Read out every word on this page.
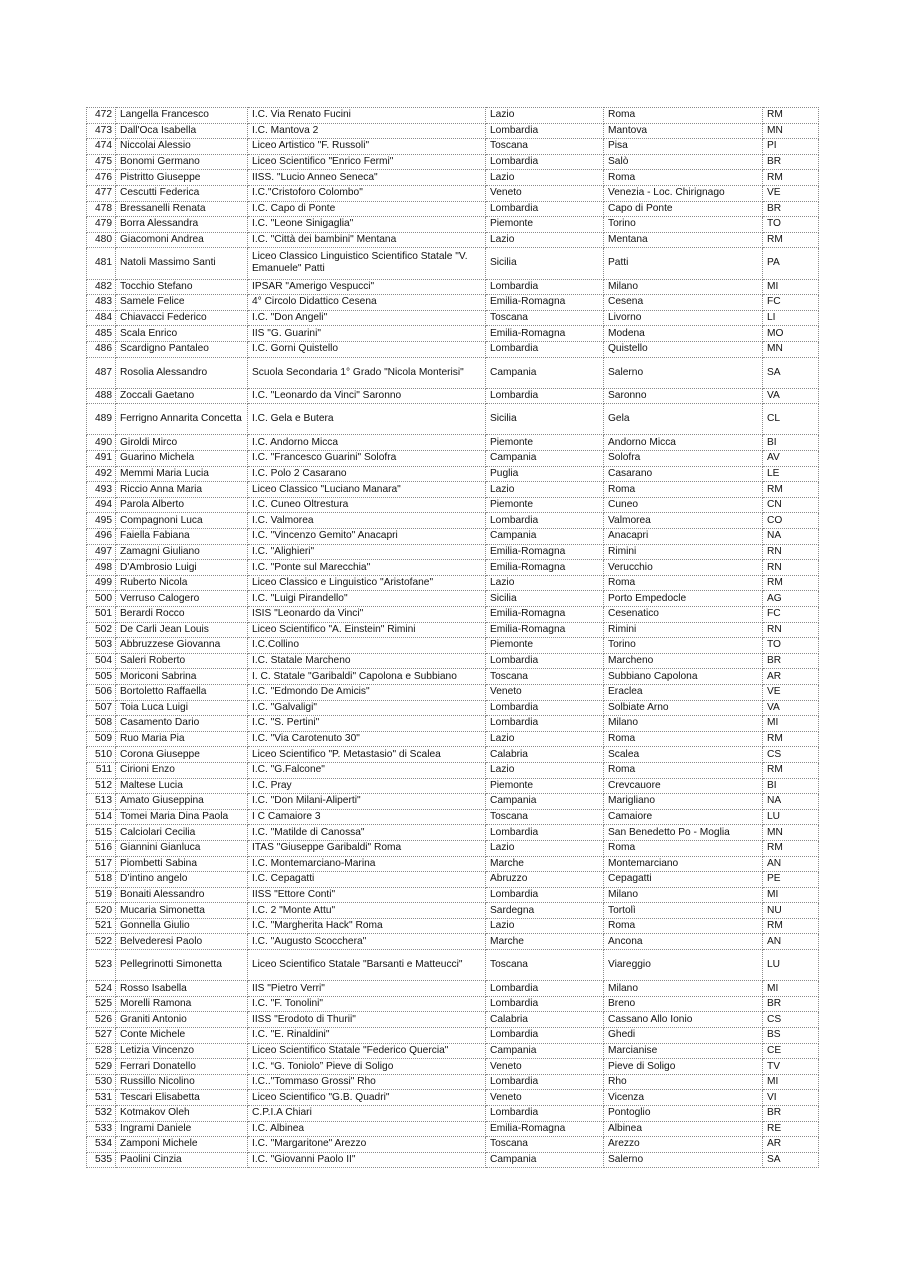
472	Langella Francesco	I.C. Via Renato Fucini	Lazio	Roma	RM
473	Dall'Oca Isabella	I.C. Mantova 2	Lombardia	Mantova	MN
474	Niccolai Alessio	Liceo Artistico "F. Russoli"	Toscana	Pisa	PI
475	Bonomi Germano	Liceo Scientifico "Enrico Fermi"	Lombardia	Salò	BR
476	Pistritto Giuseppe	IISS. "Lucio Anneo Seneca"	Lazio	Roma	RM
477	Cescutti Federica	I.C."Cristoforo Colombo"	Veneto	Venezia - Loc. Chirignago	VE
478	Bressanelli Renata	I.C. Capo di Ponte	Lombardia	Capo di Ponte	BR
479	Borra Alessandra	I.C. "Leone Sinigaglia"	Piemonte	Torino	TO
480	Giacomoni Andrea	I.C. "Città dei bambini" Mentana	Lazio	Mentana	RM
481	Natoli Massimo Santi	Liceo Classico Linguistico Scientifico Statale "V. Emanuele" Patti	Sicilia	Patti	PA
482	Tocchio Stefano	IPSAR "Amerigo Vespucci"	Lombardia	Milano	MI
483	Samele Felice	4° Circolo Didattico Cesena	Emilia-Romagna	Cesena	FC
484	Chiavacci Federico	I.C. "Don Angeli"	Toscana	Livorno	LI
485	Scala Enrico	IIS "G. Guarini"	Emilia-Romagna	Modena	MO
486	Scardigno Pantaleo	I.C. Gorni Quistello	Lombardia	Quistello	MN
487	Rosolia Alessandro	Scuola Secondaria 1° Grado "Nicola Monterisi"	Campania	Salerno	SA
488	Zoccali Gaetano	I.C. "Leonardo da Vinci" Saronno	Lombardia	Saronno	VA
489	Ferrigno Annarita Concetta	I.C. Gela e Butera	Sicilia	Gela	CL
490	Giroldi Mirco	I.C. Andorno Micca	Piemonte	Andorno Micca	BI
491	Guarino Michela	I.C. "Francesco Guarini" Solofra	Campania	Solofra	AV
492	Memmi Maria Lucia	I.C. Polo 2 Casarano	Puglia	Casarano	LE
493	Riccio Anna Maria	Liceo Classico "Luciano Manara"	Lazio	Roma	RM
494	Parola Alberto	I.C. Cuneo Oltrestura	Piemonte	Cuneo	CN
495	Compagnoni Luca	I.C. Valmorea	Lombardia	Valmorea	CO
496	Faiella Fabiana	I.C. "Vincenzo Gemito" Anacapri	Campania	Anacapri	NA
497	Zamagni Giuliano	I.C. "Alighieri"	Emilia-Romagna	Rimini	RN
498	D'Ambrosio Luigi	I.C. "Ponte sul Marecchia"	Emilia-Romagna	Verucchio	RN
499	Ruberto Nicola	Liceo Classico e Linguistico "Aristofane"	Lazio	Roma	RM
500	Verruso Calogero	I.C. "Luigi Pirandello"	Sicilia	Porto Empedocle	AG
501	Berardi Rocco	ISIS "Leonardo da Vinci"	Emilia-Romagna	Cesenatico	FC
502	De Carli Jean Louis	Liceo Scientifico "A. Einstein" Rimini	Emilia-Romagna	Rimini	RN
503	Abbruzzese Giovanna	I.C.Collino	Piemonte	Torino	TO
504	Saleri Roberto	I.C. Statale Marcheno	Lombardia	Marcheno	BR
505	Moriconi Sabrina	I. C. Statale "Garibaldi" Capolona e Subbiano	Toscana	Subbiano Capolona	AR
506	Bortoletto Raffaella	I.C. "Edmondo De Amicis"	Veneto	Eraclea	VE
507	Toia Luca Luigi	I.C. "Galvaligi"	Lombardia	Solbiate Arno	VA
508	Casamento Dario	I.C. "S. Pertini"	Lombardia	Milano	MI
509	Ruo Maria Pia	I.C. "Via Carotenuto 30"	Lazio	Roma	RM
510	Corona Giuseppe	Liceo Scientifico "P. Metastasio" di Scalea	Calabria	Scalea	CS
511	Cirioni Enzo	I.C. "G.Falcone"	Lazio	Roma	RM
512	Maltese Lucia	I.C. Pray	Piemonte	Crevcauore	BI
513	Amato Giuseppina	I.C. "Don Milani-Aliperti"	Campania	Marigliano	NA
514	Tomei Maria Dina Paola	I C Camaiore 3	Toscana	Camaiore	LU
515	Calciolari Cecilia	I.C. "Matilde di Canossa"	Lombardia	San Benedetto Po - Moglia	MN
516	Giannini Gianluca	ITAS "Giuseppe Garibaldi" Roma	Lazio	Roma	RM
517	Piombetti Sabina	I.C. Montemarciano-Marina	Marche	Montemarciano	AN
518	D’intino angelo	I.C. Cepagatti	Abruzzo	Cepagatti	PE
519	Bonaiti Alessandro	IISS "Ettore Conti"	Lombardia	Milano	MI
520	Mucaria Simonetta	I.C. 2 "Monte Attu"	Sardegna	Tortolì	NU
521	Gonnella Giulio	I.C. "Margherita Hack" Roma	Lazio	Roma	RM
522	Belvederesi Paolo	I.C. "Augusto Scocchera"	Marche	Ancona	AN
523	Pellegrinotti Simonetta	Liceo Scientifico Statale "Barsanti e Matteucci"	Toscana	Viareggio	LU
524	Rosso Isabella	IIS "Pietro Verri"	Lombardia	Milano	MI
525	Morelli Ramona	I.C. "F. Tonolini"	Lombardia	Breno	BR
526	Graniti Antonio	IISS "Erodoto di Thurii"	Calabria	Cassano Allo Ionio	CS
527	Conte Michele	I.C. "E. Rinaldini"	Lombardia	Ghedi	BS
528	Letizia Vincenzo	Liceo Scientifico Statale "Federico Quercia"	Campania	Marcianise	CE
529	Ferrari Donatello	I.C. “G. Toniolo” Pieve di Soligo	Veneto	Pieve di Soligo	TV
530	Russillo Nicolino	I.C.."Tommaso Grossi" Rho	Lombardia	Rho	MI
531	Tescari Elisabetta	Liceo Scientifico "G.B. Quadri"	Veneto	Vicenza	VI
532	Kotmakov Oleh	C.P.I.A Chiari	Lombardia	Pontoglio	BR
533	Ingrami Daniele	I.C. Albinea	Emilia-Romagna	Albinea	RE
534	Zamponi Michele	I.C. "Margaritone" Arezzo	Toscana	Arezzo	AR
535	Paolini Cinzia	I.C. "Giovanni Paolo II"	Campania	Salerno	SA
